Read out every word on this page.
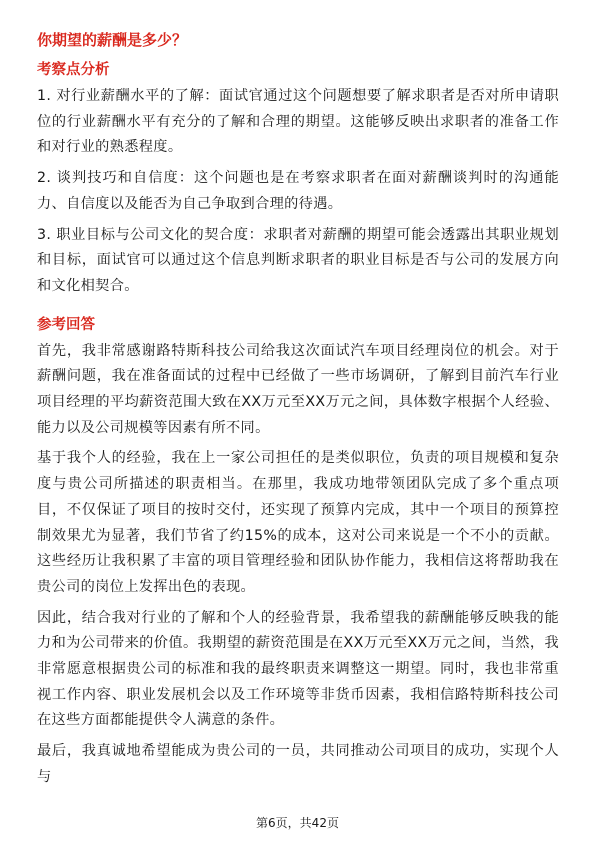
你期望的薪酬是多少？
考察点分析

1. 对行业薪酬水平的了解：面试官通过这个问题想要了解求职者是否对所申请职位的行业薪酬水平有充分的了解和合理的期望。这能够反映出求职者的准备工作和对行业的熟悉程度。

2. 谈判技巧和自信度：这个问题也是在考察求职者在面对薪酬谈判时的沟通能力、自信度以及能否为自己争取到合理的待遇。

3. 职业目标与公司文化的契合度：求职者对薪酬的期望可能会透露出其职业规划和目标，面试官可以通过这个信息判断求职者的职业目标是否与公司的发展方向和文化相契合。

参考回答

首先，我非常感谢路特斯科技公司给我这次面试汽车项目经理岗位的机会。对于薪酬问题，我在准备面试的过程中已经做了一些市场调研，了解到目前汽车行业项目经理的平均薪资范围大致在XX万元至XX万元之间，具体数字根据个人经验、能力以及公司规模等因素有所不同。

基于我个人的经验，我在上一家公司担任的是类似职位，负责的项目规模和复杂度与贵公司所描述的职责相当。在那里，我成功地带领团队完成了多个重点项目，不仅保证了项目的按时交付，还实现了预算内完成，其中一个项目的预算控制效果尤为显著，我们节省了约15%的成本，这对公司来说是一个不小的贡献。这些经历让我积累了丰富的项目管理经验和团队协作能力，我相信这将帮助我在贵公司的岗位上发挥出色的表现。

因此，结合我对行业的了解和个人的经验背景，我希望我的薪酬能够反映我的能力和为公司带来的价值。我期望的薪资范围是在XX万元至XX万元之间，当然，我非常愿意根据贵公司的标准和我的最终职责来调整这一期望。同时，我也非常重视工作内容、职业发展机会以及工作环境等非货币因素，我相信路特斯科技公司在这些方面都能提供令人满意的条件。

最后，我真诚地希望能成为贵公司的一员，共同推动公司项目的成功，实现个人与

第6页，共42页
